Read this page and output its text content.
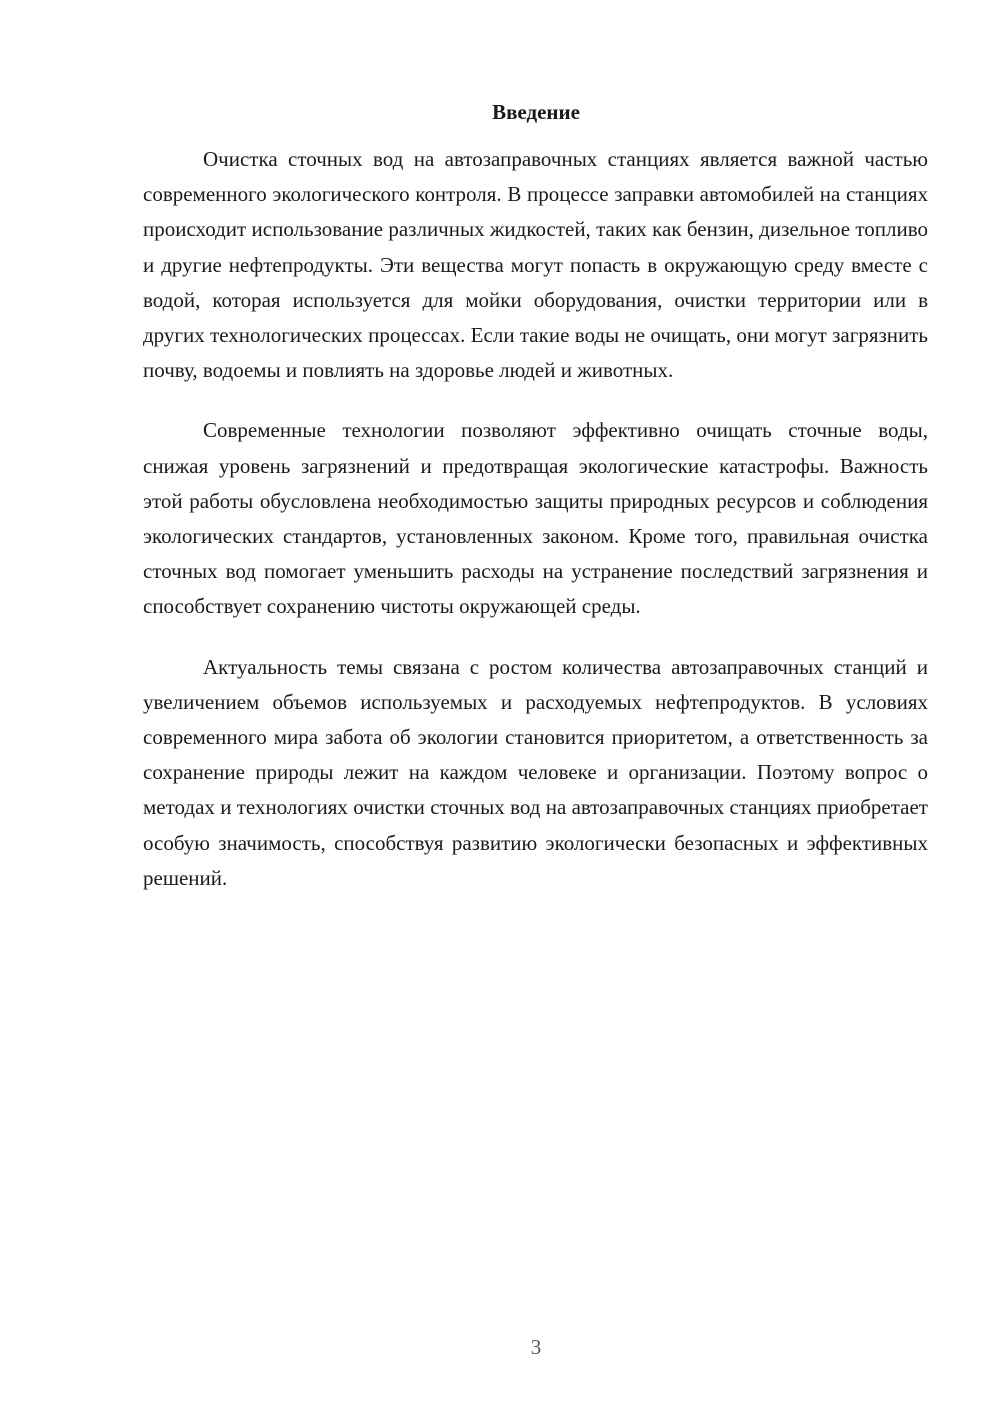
Введение

Очистка сточных вод на автозаправочных станциях является важной частью современного экологического контроля. В процессе заправки автомобилей на станциях происходит использование различных жидкостей, таких как бензин, дизельное топливо и другие нефтепродукты. Эти вещества могут попасть в окружающую среду вместе с водой, которая используется для мойки оборудования, очистки территории или в других технологических процессах. Если такие воды не очищать, они могут загрязнить почву, водоемы и повлиять на здоровье людей и животных.

Современные технологии позволяют эффективно очищать сточные воды, снижая уровень загрязнений и предотвращая экологические катастрофы. Важность этой работы обусловлена необходимостью защиты природных ресурсов и соблюдения экологических стандартов, установленных законом. Кроме того, правильная очистка сточных вод помогает уменьшить расходы на устранение последствий загрязнения и способствует сохранению чистоты окружающей среды.

Актуальность темы связана с ростом количества автозаправочных станций и увеличением объемов используемых и расходуемых нефтепродуктов. В условиях современного мира забота об экологии становится приоритетом, а ответственность за сохранение природы лежит на каждом человеке и организации. Поэтому вопрос о методах и технологиях очистки сточных вод на автозаправочных станциях приобретает особую значимость, способствуя развитию экологически безопасных и эффективных решений.

3
